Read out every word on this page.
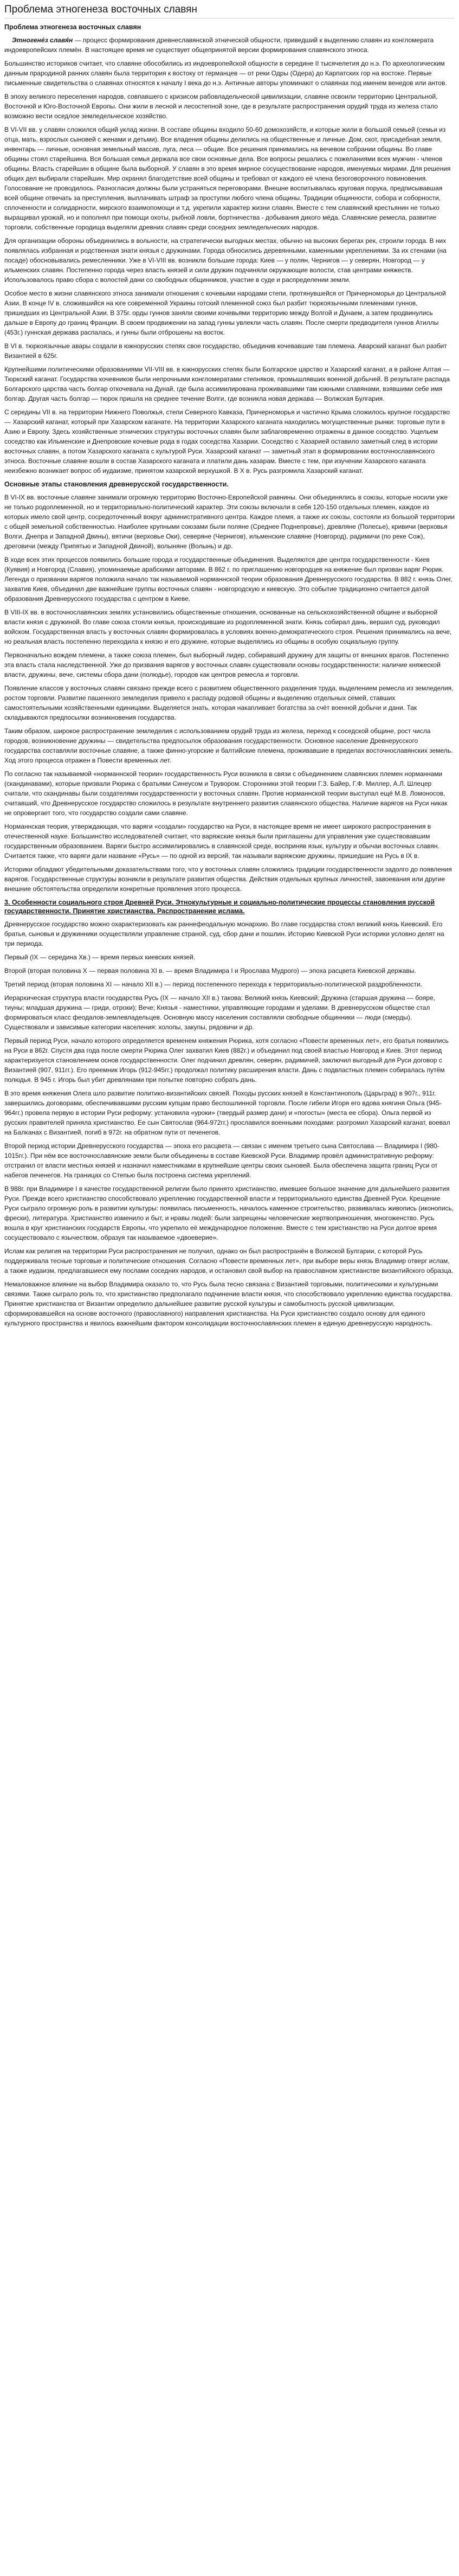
Проблема этногенеза восточных славян
Проблема этногенеза восточных славян

Этногене́з славя́н — процесс формирования древнеславянской этнической общности, приведший к выделению славян из конгломерата индоевропейских племён. В настоящее время не существует общепринятой версии формирования славянского этноса.

Большинство историков считает, что славяне обособились из индоевропейской общности в середине II тысячелетия до н.э. По археологическим данным прародиной ранних славян была территория к востоку от германцев — от реки Одры (Одера) до Карпатских гор на востоке. Первые письменные свидетельства о славянах относятся к началу I века до н.э. Античные авторы упоминают о славянах под именем венедов или антов.

В эпоху великого переселения народов, совпавшего с кризисом рабовладельческой цивилизации, славяне освоили территорию Центральной, Восточной и Юго-Восточной Европы. Они жили в лесной и лесостепной зоне, где в результате распространения орудий труда из железа стало возможно вести оседлое земледельческое хозяйство.

В VI-VII вв. у славян сложился общий уклад жизни. В составе общины входило 50-60 домохозяйств, и которые жили в большой семьей (семьи из отца, мать, взрослых сыновей с женами и детьми). Все владения общины делились на общественные и личные. Дом, скот, присадебная земля, инвентарь — личные, основная земельный массив, луга, леса — общие. Все решения принимались на вечевом собрании общины. Во главе общины стоял старейшина. Вся большая семья держала все свои основные дела. Все вопросы решались с пожеланиями всех мужчин - членов общины. Власть старейшин в общине была выборной. У славян в это время мирное сосуществование народов, именуемых мирами. Для решения общих дел выбирали старейшин. Мир охранял благодетствие всей общины и требовал от каждого её члена безоговорочного повиновения. Голосование не проводилось. Разногласия должны были устраняться переговорами. Внешне воспитывалась круговая порука, предписывавшая всей общине отвечать за преступления, выплачивать штраф за проступки любого члена общины. Традиции общинности, собора и соборности, сплоченности и солидарности, мирского взаимопомощи и т.д. укрепили характер жизни славян. Вместе с тем славянский крестьянин не только выращивал урожай, но и пополнял при помощи охоты, рыбной ловли, бортничества - добывания дикого мёда. Славянские ремесла, развитие торговли, собственные городища выделяли древних славян среди соседних земледельческих народов.

Для организации обороны объединились в вольности, на стратегически выгодных местах, обычно на высоких берегах рек, строили города. В них появлялась избранная и родственная знати князья с дружинами. Города обносились деревянными, каменными укреплениями. За их стенами (на посаде) обосновывались ремесленники. Уже в VI-VIII вв. возникли большие города: Киев — у полян, Чернигов — у северян, Новгород — у ильменских славян. Постепенно города через власть князей и сили дружин подчиняли окружающие волости, став центрами княжеств. Использовалось право сбора с волостей дани со свободных общинников, участие в суде и распределении земли.

Особое место в жизни славянского этноса занимали отношения с кочевыми народами степи, протянувшейся от Причерноморья до Центральной Азии. В конце IV в. сложившийся на юге современной Украины готский племенной союз был разбит тюркоязычными племенами гуннов, пришедших из Центральной Азии. В 375г. орды гуннов заняли своими кочевьями территорию между Волгой и Дунаем, а затем продвинулись дальше в Европу до границ Франции. В своем продвижении на запад гунны увлекли часть славян. После смерти предводителя гуннов Атиллы (453г.) гуннская держава распалась, и гунны были отброшены на восток.

В VI в. тюркоязычные авары создали в южнорусских степях свое государство, объединив кочевавшие там племена. Аварский каганат был разбит Византией в 625г.

Крупнейшими политическими образованиями VII-VIII вв. в южнорусских степях были Болгарское царство и Хазарский каганат, а в районе Алтая — Тюркский каганат. Государства кочевников были непрочными конгломератами степняков, промышлявших военной добычей. В результате распада Болгарского царства часть болгар откочевала на Дунай, где была ассимилирована проживавшими там южными славянами, взявшими себе имя болгар. Другая часть болгар — тюрок пришла на среднее течение Волги, где возникла новая держава — Волжская Булгария.

С середины VII в. на территории Нижнего Поволжья, степи Северного Кавказа, Причерноморья и частично Крыма сложилось крупное государство — Хазарский каганат, который при Хазарском каганате. На территории Хазарского каганата находились могущественные рынки: торговые пути в Азию и Европу. Здесь хозяйственные этнических структуры восточных славян были заблаговременно отражены в данное соседство. Ущельем соседство как Ильменские и Днепровские кочевые рода в годах соседства Хазарии. Соседство с Хазарией оставило заметный след в истории восточных славян, а потом Хазарского каганата с культурой Руси. Хазарский каганат — заметный этап в формировании восточнославянского этноса. Восточные славяне вошли в состав Хазарского каганата и платили дань хазарам. Вместе с тем, при изучении Хазарского каганата неизбежно возникает вопрос об иудаизме, принятом хазарской верхушкой. В X в. Русь разгромила Хазарский каганат.

Основные этапы становления древнерусской государственности.

В VI-IX вв. восточные славяне занимали огромную территорию Восточно-Европейской равнины. Они объединялись в союзы, которые носили уже не только родоплеменной, но и территориально-политический характер. Эти союзы включали в себя 120-150 отдельных племен, каждое из которых имело свой центр, сосредоточенный вокруг административного центра. Каждое племя, а также их союзы, состояли из большой территории с общей земельной собственностью. Наиболее крупными союзами были поляне (Среднее Поднепровье), древляне (Полесье), кривичи (верховья Волги, Днепра и Западной Двины), вятичи (верховье Оки), северяне (Чернигов), ильменские славяне (Новгород), радимичи (по реке Сож), дреговичи (между Припятью и Западной Двиной), волыняне (Волынь) и др.

В ходе всех этих процессов появились большие города и государственные объединения. Выделяются две центра государственности - Киев (Куявия) и Новгород (Славия), упоминаемые арабскими авторами. В 862 г. по приглашению новгородцев на княжение был призван варяг Рюрик. Легенда о призвании варягов положила начало так называемой норманнской теории образования Древнерусского государства. В 882 г. князь Олег, захватив Киев, объединил две важнейшие группы восточных славян - новгородскую и киевскую. Это событие традиционно считается датой образования Древнерусского государства с центром в Киеве.

В VIII-IX вв. в восточнославянских землях установились общественные отношения, основанные на сельскохозяйственной общине и выборной власти князя с дружиной. Во главе союза стояли князья, происходившие из родоплеменной знати. Князь собирал дань, вершил суд, руководил войском. Государственная власть у восточных славян формировалась в условиях военно-демократического строя. Решения принимались на вече, но реальная власть постепенно переходила к князю и его дружине, которые выделялись из общины в особую социальную группу.

Первоначально вождем племени, а также союза племен, был выборный лидер, собиравший дружину для защиты от внешних врагов. Постепенно эта власть стала наследственной. Уже до призвания варягов у восточных славян существовали основы государственности: наличие княжеской власти, дружины, вече, системы сбора дани (полюдье), городов как центров ремесла и торговли.

Появление классов у восточных славян связано прежде всего с развитием общественного разделения труда, выделением ремесла из земледелия, ростом торговли. Развитие пашенного земледелия привело к распаду родовой общины и выделению отдельных семей, ставших самостоятельными хозяйственными единицами. Выделяется знать, которая накапливает богатства за счёт военной добычи и дани. Так складываются предпосылки возникновения государства.

Таким образом, широкое распространение земледелия с использованием орудий труда из железа, переход к соседской общине, рост числа городов, возникновение дружины — свидетельства предпосылок образования государственности. Основное население Древнерусского государства составляли восточные славяне, а также финно-угорские и балтийские племена, проживавшие в пределах восточнославянских земель. Ход этого процесса отражен в Повести временных лет.

По согласно так называемой «норманнской теории» государственность Руси возникла в связи с объединением славянских племен норманнами (скандинавами), которые призвали Рюрика с братьями Синеусом и Трувором. Сторонники этой теории Г.З. Байер, Г.Ф. Миллер, А.Л. Шлецер считали, что скандинавы были создателями государственности у восточных славян. Против норманнской теории выступал ещё М.В. Ломоносов, считавший, что Древнерусское государство сложилось в результате внутреннего развития славянского общества. Наличие варягов на Руси никак не опровергает того, что государство создали сами славяне.

Норманнская теория, утверждающая, что варяги «создали» государство на Руси, в настоящее время не имеет широкого распространения в отечественной науке. Большинство исследователей считает, что варяжские князья были приглашены для управления уже существовавшим государственным образованием. Варяги быстро ассимилировались в славянской среде, восприняв язык, культуру и обычаи восточных славян. Считается также, что варяги дали название «Русь» — по одной из версий, так называли варяжские дружины, пришедшие на Русь в IX в.

Историки обладают убедительными доказательствами того, что у восточных славян сложились традиции государственности задолго до появления варягов. Государственные структуры возникли в результате развития общества. Действия отдельных крупных личностей, завоевания или другие внешние обстоятельства определили конкретные проявления этого процесса.

3. Особенности социального строя Древней Руси. Этнокультурные и социально-политические процессы становления русской государственности. Принятие христианства. Распространение ислама.

Древнерусское государство можно охарактеризовать как раннефеодальную монархию. Во главе государства стоял великий князь Киевский. Его братья, сыновья и дружинники осуществляли управление страной, суд, сбор дани и пошлин. Историю Киевской Руси историки условно делят на три периода.

Первый (IX — середина Xв.) — время первых киевских князей.

Второй (вторая половина X — первая половина XI в. — время Владимира I и Ярослава Мудрого) — эпоха расцвета Киевской державы.

Третий период (вторая половина XI — начало XII в.) — период постепенного перехода к территориально-политической раздробленности.

Иерархическая структура власти государства Русь (IX — начало XII в.) такова: Великий князь Киевский; Дружина (старшая дружина — бояре, тиуны; младшая дружина — гриди, отроки); Вече; Князья - наместники, управляющие городами и уделами. В древнерусском обществе стал формироваться класс феодалов-землевладельцев. Основную массу населения составляли свободные общинники — люди (смерды). Существовали и зависимые категории населения: холопы, закупы, рядовичи и др.

Первый период Руси, начало которого определяется временем княжения Рюрика, хотя согласно «Повести временных лет», его братья появились на Руси в 862г. Спустя два года после смерти Рюрика Олег захватил Киев (882г.) и объединил под своей властью Новгород и Киев. Этот период характеризуется становлением основ государственности. Олег подчинил древлян, северян, радимичей, заключил выгодный для Руси договор с Византией (907, 911гг.). Его преемник Игорь (912-945гг.) продолжал политику расширения власти. Дань с подвластных племен собиралась путём полюдья. В 945 г. Игорь был убит древлянами при попытке повторно собрать дань.

В это время княжения Олега шло развитие политико-византийских связей. Походы русских князей в Константинополь (Царьград) в 907г., 911г. завершились договорами, обеспечивавшими русским купцам право беспошлинной торговли. После гибели Игоря его вдова княгиня Ольга (945-964гг.) провела первую в истории Руси реформу: установила «уроки» (твердый размер дани) и «погосты» (места ее сбора). Ольга первой из русских правителей приняла христианство. Ее сын Святослав (964-972гг.) прославился военными походами: разгромил Хазарский каганат, воевал на Балканах с Византией, погиб в 972г. на обратном пути от печенегов.

Второй период истории Древнерусского государства — эпоха его расцвета — связан с именем третьего сына Святослава — Владимира I (980-1015гг.). При нём все восточнославянские земли были объединены в составе Киевской Руси. Владимир провёл административную реформу: отстранил от власти местных князей и назначил наместниками в крупнейшие центры своих сыновей. Была обеспечена защита границ Руси от набегов печенегов. На границах со Степью была построена система укреплений.

В 988г. при Владимире I в качестве государственной религии было принято христианство, имевшее большое значение для дальнейшего развития Руси. Прежде всего христианство способствовало укреплению государственной власти и территориального единства Древней Руси. Крещение Руси сыграло огромную роль в развитии культуры: появилась письменность, началось каменное строительство, развивалась живопись (иконопись, фрески), литература. Христианство изменило и быт, и нравы людей: были запрещены человеческие жертвоприношения, многоженство. Русь вошла в круг христианских государств Европы, что укрепило её международное положение. Вместе с тем христианство на Руси долгое время сосуществовало с язычеством, образуя так называемое «двоеверие».

Ислам как религия на территории Руси распространения не получил, однако он был распространён в Волжской Булгарии, с которой Русь поддерживала тесные торговые и политические отношения. Согласно «Повести временных лет», при выборе веры князь Владимир отверг ислам, а также иудаизм, предлагавшиеся ему послами соседних народов, и остановил свой выбор на православном христианстве византийского образца.

Немаловажное влияние на выбор Владимира оказало то, что Русь была тесно связана с Византией торговыми, политическими и культурными связями. Также сыграло роль то, что христианство предполагало подчинение власти князя, что способствовало укреплению единства государства. Принятие христианства от Византии определило дальнейшее развитие русской культуры и самобытность русской цивилизации, сформировавшейся на основе восточного (православного) направления христианства. На Руси христианство создало основу для единого культурного пространства и явилось важнейшим фактором консолидации восточнославянских племен в единую древнерусскую народность.
